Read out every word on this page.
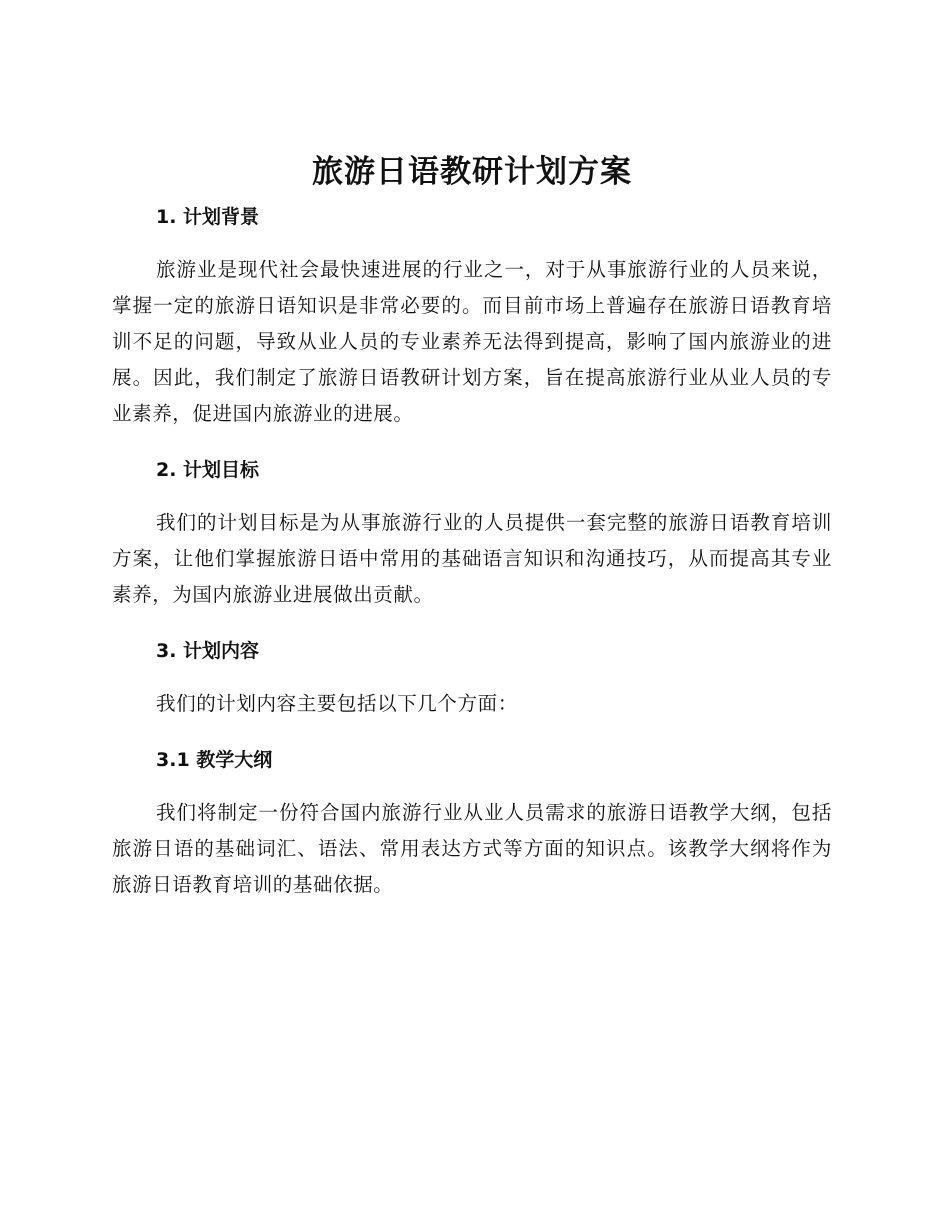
旅游日语教研计划方案
1. 计划背景

旅游业是现代社会最快速进展的行业之一，对于从事旅游行业的人员来说，掌握一定的旅游日语知识是非常必要的。而目前市场上普遍存在旅游日语教育培训不足的问题，导致从业人员的专业素养无法得到提高，影响了国内旅游业的进展。因此，我们制定了旅游日语教研计划方案，旨在提高旅游行业从业人员的专业素养，促进国内旅游业的进展。

2. 计划目标

我们的计划目标是为从事旅游行业的人员提供一套完整的旅游日语教育培训方案，让他们掌握旅游日语中常用的基础语言知识和沟通技巧，从而提高其专业素养，为国内旅游业进展做出贡献。

3. 计划内容

我们的计划内容主要包括以下几个方面：

3.1 教学大纲

我们将制定一份符合国内旅游行业从业人员需求的旅游日语教学大纲，包括旅游日语的基础词汇、语法、常用表达方式等方面的知识点。该教学大纲将作为旅游日语教育培训的基础依据。
